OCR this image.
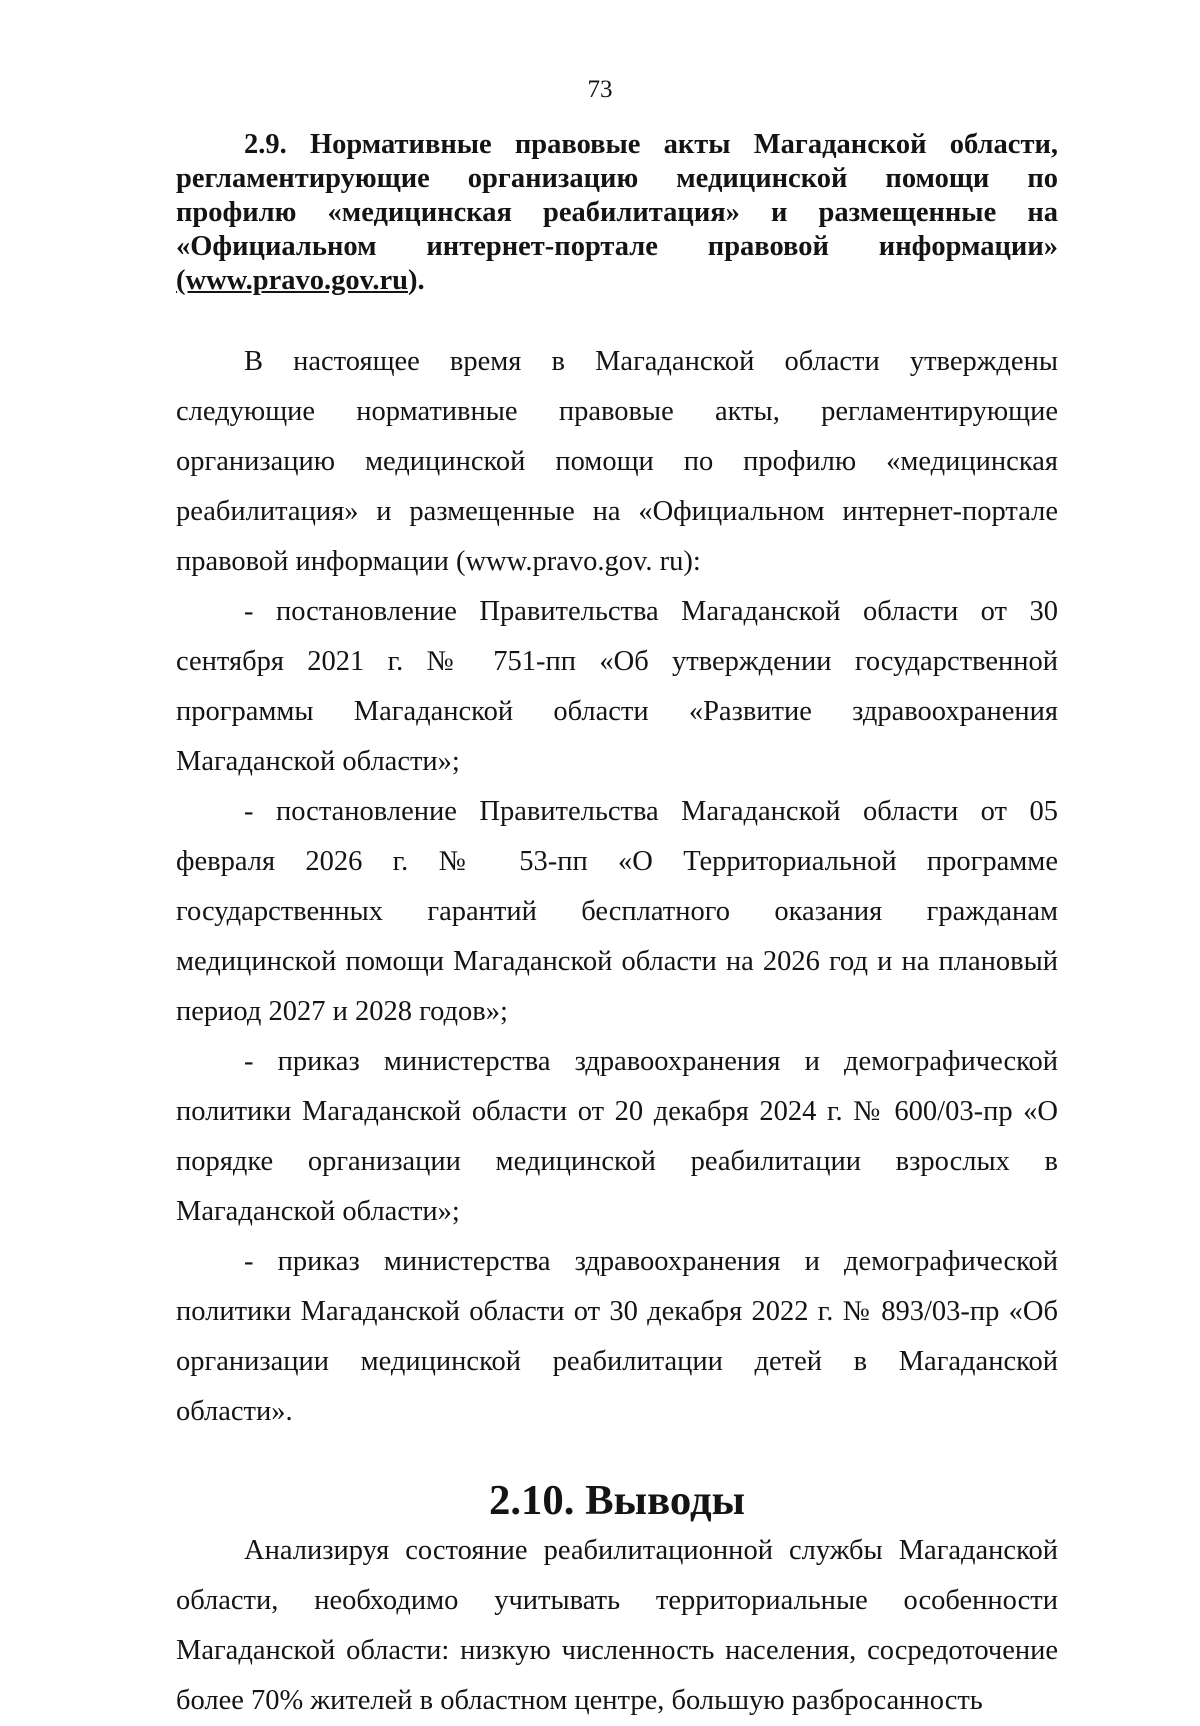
73

2.9. Нормативные правовые акты Магаданской области, регламентирующие организацию медицинской помощи по профилю «медицинская реабилитация» и размещенные на «Официальном интернет-портале правовой информации» (www.pravo.gov.ru).

В настоящее время в Магаданской области утверждены следующие нормативные правовые акты, регламентирующие организацию медицинской помощи по профилю «медицинская реабилитация» и размещенные на «Официальном интернет-портале правовой информации (www.pravo.gov. ru):

- постановление Правительства Магаданской области от 30 сентября 2021 г. № 751-пп «Об утверждении государственной программы Магаданской области «Развитие здравоохранения Магаданской области»;
- постановление Правительства Магаданской области от 05 февраля 2026 г. № 53-пп «О Территориальной программе государственных гарантий бесплатного оказания гражданам медицинской помощи Магаданской области на 2026 год и на плановый период 2027 и 2028 годов»;
- приказ министерства здравоохранения и демографической политики Магаданской области от 20 декабря 2024 г. № 600/03-пр «О порядке организации медицинской реабилитации взрослых в Магаданской области»;
- приказ министерства здравоохранения и демографической политики Магаданской области от 30 декабря 2022 г. № 893/03-пр «Об организации медицинской реабилитации детей в Магаданской области».
2.10. Выводы

Анализируя состояние реабилитационной службы Магаданской области, необходимо учитывать территориальные особенности Магаданской области: низкую численность населения, сосредоточение более 70% жителей в областном центре, большую разбросанность
